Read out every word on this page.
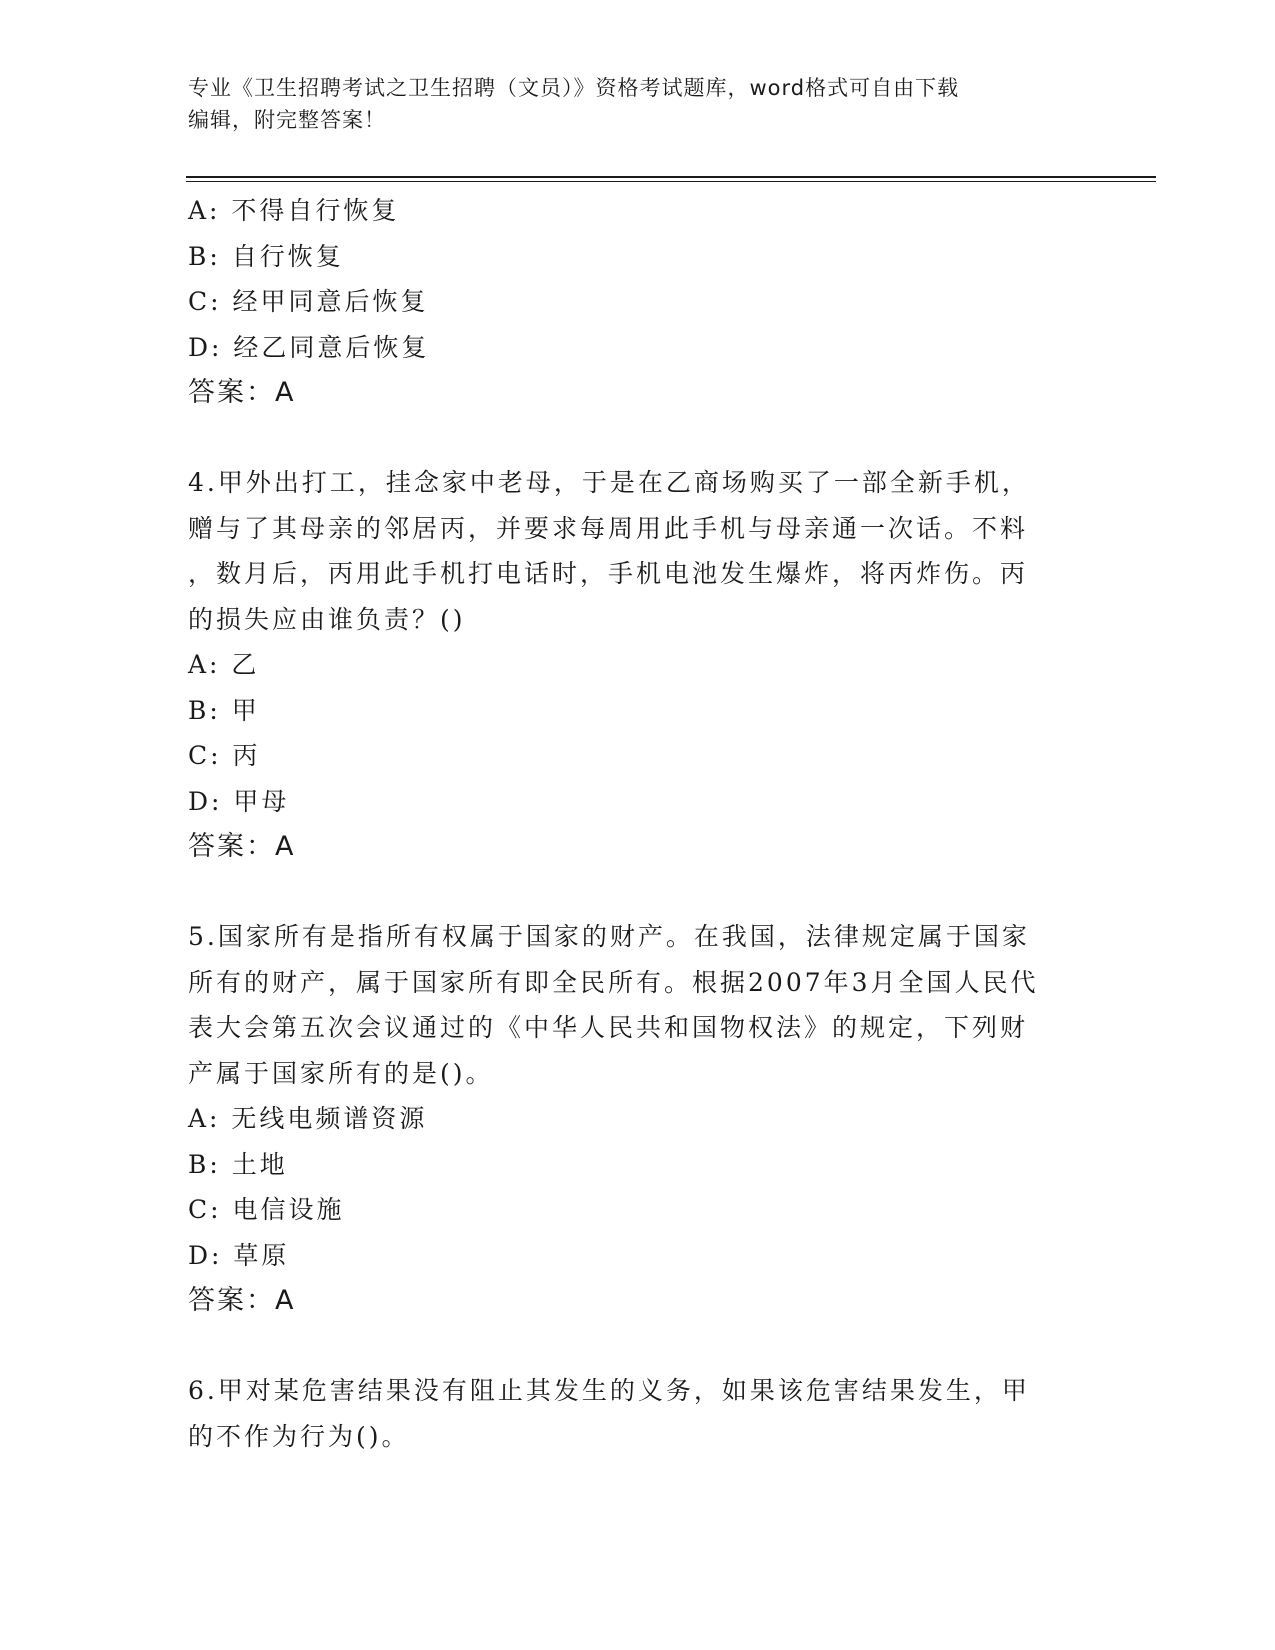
专业《卫生招聘考试之卫生招聘（文员）》资格考试题库，word格式可自由下载
编辑，附完整答案！
A: 不得自行恢复
B: 自行恢复
C: 经甲同意后恢复
D: 经乙同意后恢复
答案：A
4.甲外出打工，挂念家中老母，于是在乙商场购买了一部全新手机，
赠与了其母亲的邻居丙，并要求每周用此手机与母亲通一次话。不料
，数月后，丙用此手机打电话时，手机电池发生爆炸，将丙炸伤。丙
的损失应由谁负责？()
A: 乙
B: 甲
C: 丙
D: 甲母
答案：A
5.国家所有是指所有权属于国家的财产。在我国，法律规定属于国家
所有的财产，属于国家所有即全民所有。根据2007年3月全国人民代
表大会第五次会议通过的《中华人民共和国物权法》的规定，下列财
产属于国家所有的是()。
A: 无线电频谱资源
B: 土地
C: 电信设施
D: 草原
答案：A
6.甲对某危害结果没有阻止其发生的义务，如果该危害结果发生，甲
的不作为行为()。
